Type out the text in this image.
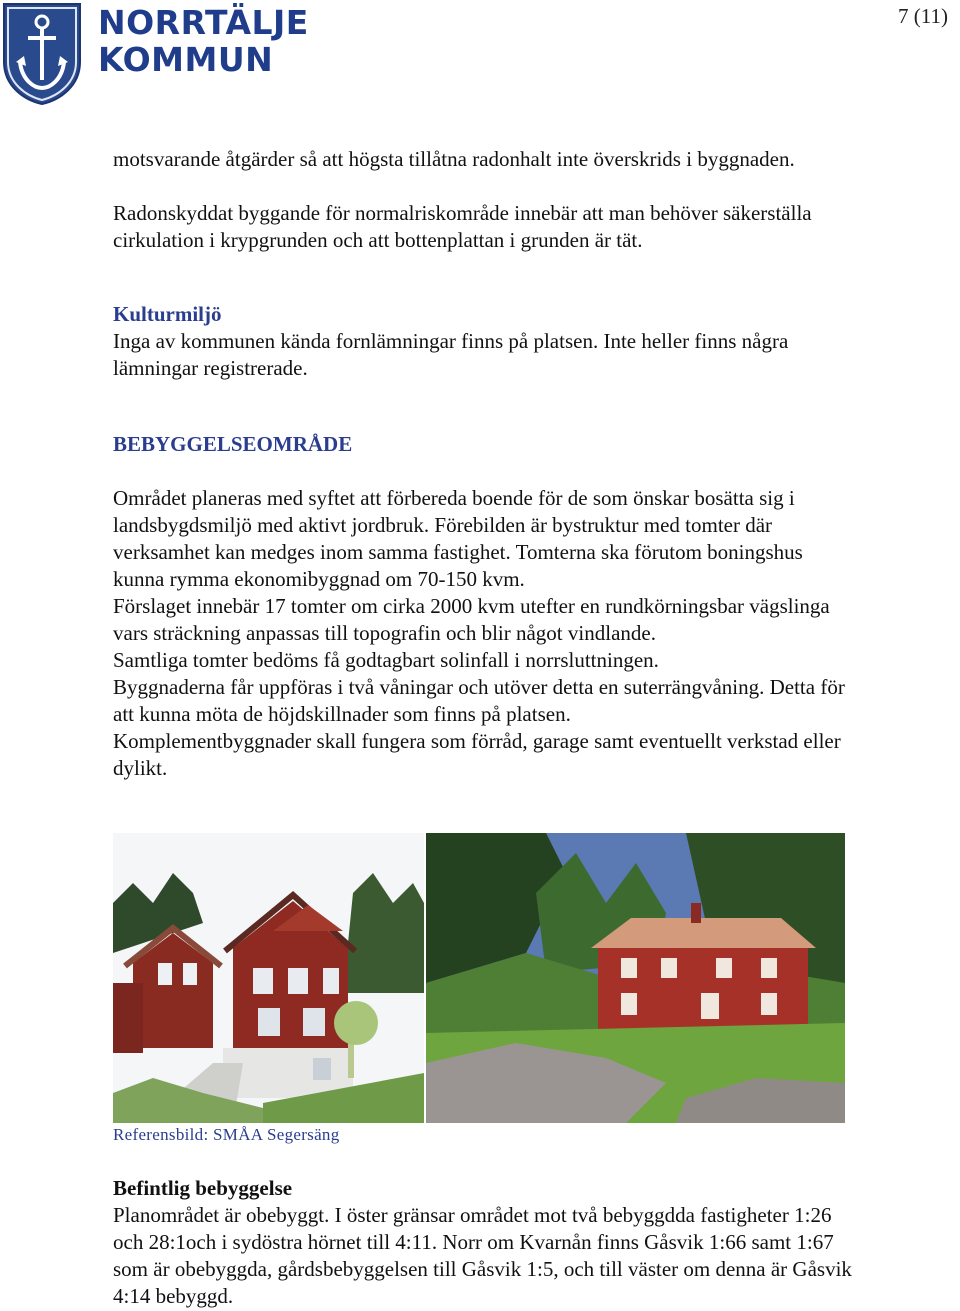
NORRTÄLJE
KOMMUN
7 (11)

motsvarande åtgärder så att högsta tillåtna radonhalt inte överskrids i byggnaden.

Radonskyddat byggande för normalriskområde innebär att man behöver säkerställa cirkulation i krypgrunden och att bottenplattan i grunden är tät.

Kulturmiljö

Inga av kommunen kända fornlämningar finns på platsen. Inte heller finns några lämningar registrerade.

BEBYGGELSEOMRÅDE

Området planeras med syftet att förbereda boende för de som önskar bosätta sig i landsbygdsmiljö med aktivt jordbruk. Förebilden är bystruktur med tomter där verksamhet kan medges inom samma fastighet. Tomterna ska förutom boningshus kunna rymma ekonomibyggnad om 70-150 kvm.

Förslaget innebär 17 tomter om cirka 2000 kvm utefter en rundkörningsbar vägslinga vars sträckning anpassas till topografin och blir något vindlande.

Samtliga tomter bedöms få godtagbart solinfall i norrsluttningen.

Byggnaderna får uppföras i två våningar och utöver detta en suterrängvåning. Detta för att kunna möta de höjdskillnader som finns på platsen.

Komplementbyggnader skall fungera som förråd, garage samt eventuellt verkstad eller dylikt.

Referensbild: SMÅA Segersäng

Befintlig bebyggelse

Planområdet är obebyggt. I öster gränsar området mot två bebyggdda fastigheter 1:26 och 28:1och i sydöstra hörnet till 4:11. Norr om Kvarnån finns Gåsvik 1:66 samt 1:67 som är obebyggda, gårdsbebyggelsen till Gåsvik 1:5, och till väster om denna är Gåsvik 4:14 bebyggd.
